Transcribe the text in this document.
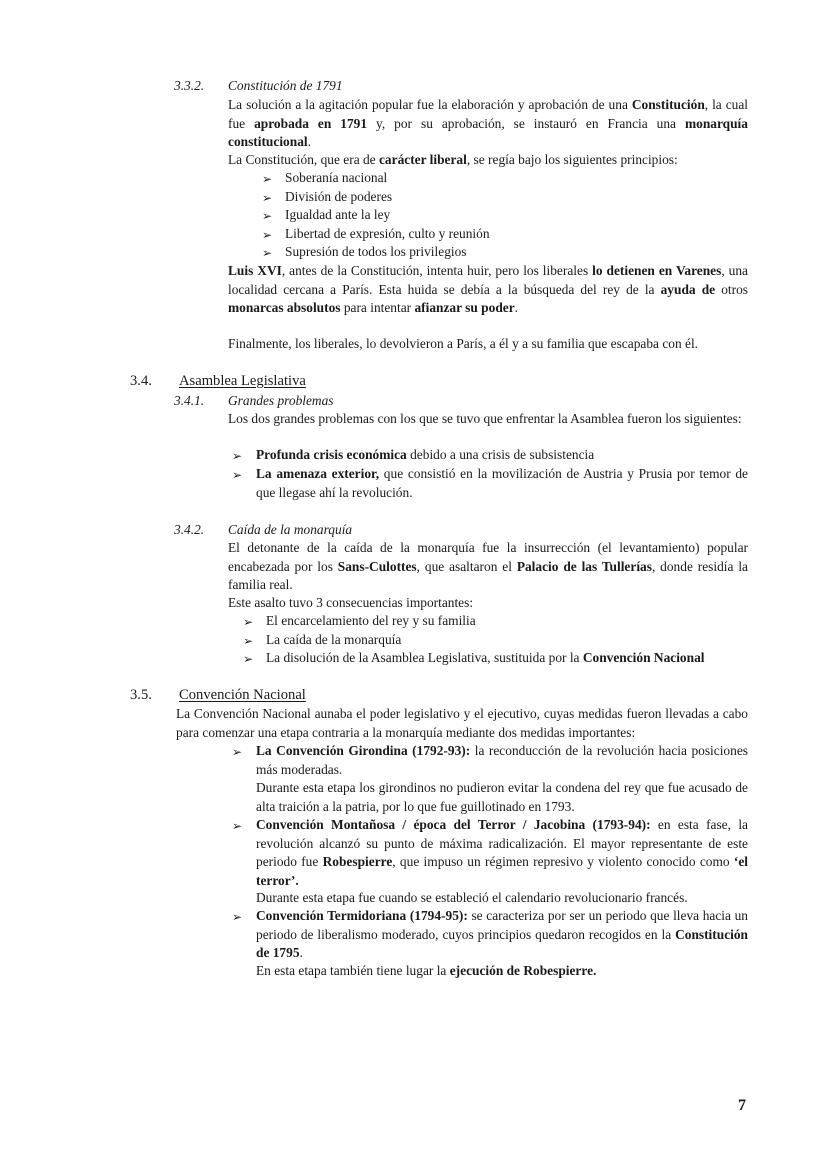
3.3.2. Constitución de 1791
La solución a la agitación popular fue la elaboración y aprobación de una Constitución, la cual fue aprobada en 1791 y, por su aprobación, se instauró en Francia una monarquía constitucional.
La Constitución, que era de carácter liberal, se regía bajo los siguientes principios:
➢ Soberanía nacional
➢ División de poderes
➢ Igualdad ante la ley
➢ Libertad de expresión, culto y reunión
➢ Supresión de todos los privilegios
Luis XVI, antes de la Constitución, intenta huir, pero los liberales lo detienen en Varenes, una localidad cercana a París. Esta huida se debía a la búsqueda del rey de la ayuda de otros monarcas absolutos para intentar afianzar su poder.
Finalmente, los liberales, lo devolvieron a París, a él y a su familia que escapaba con él.
3.4. Asamblea Legislativa
3.4.1. Grandes problemas
Los dos grandes problemas con los que se tuvo que enfrentar la Asamblea fueron los siguientes:
➢ Profunda crisis económica debido a una crisis de subsistencia
➢ La amenaza exterior, que consistió en la movilización de Austria y Prusia por temor de que llegase ahí la revolución.
3.4.2. Caída de la monarquía
El detonante de la caída de la monarquía fue la insurrección (el levantamiento) popular encabezada por los Sans-Culottes, que asaltaron el Palacio de las Tullerías, donde residía la familia real.
Este asalto tuvo 3 consecuencias importantes:
➢ El encarcelamiento del rey y su familia
➢ La caída de la monarquía
➢ La disolución de la Asamblea Legislativa, sustituida por la Convención Nacional
3.5. Convención Nacional
La Convención Nacional aunaba el poder legislativo y el ejecutivo, cuyas medidas fueron llevadas a cabo para comenzar una etapa contraria a la monarquía mediante dos medidas importantes:
➢ La Convención Girondina (1792-93): la reconducción de la revolución hacia posiciones más moderadas.
Durante esta etapa los girondinos no pudieron evitar la condena del rey que fue acusado de alta traición a la patria, por lo que fue guillotinado en 1793.
➢ Convención Montañosa / época del Terror / Jacobina (1793-94): en esta fase, la revolución alcanzó su punto de máxima radicalización. El mayor representante de este periodo fue Robespierre, que impuso un régimen represivo y violento conocido como ‘el terror’.
Durante esta etapa fue cuando se estableció el calendario revolucionario francés.
➢ Convención Termidoriana (1794-95): se caracteriza por ser un periodo que lleva hacia un periodo de liberalismo moderado, cuyos principios quedaron recogidos en la Constitución de 1795.
En esta etapa también tiene lugar la ejecución de Robespierre.
7
